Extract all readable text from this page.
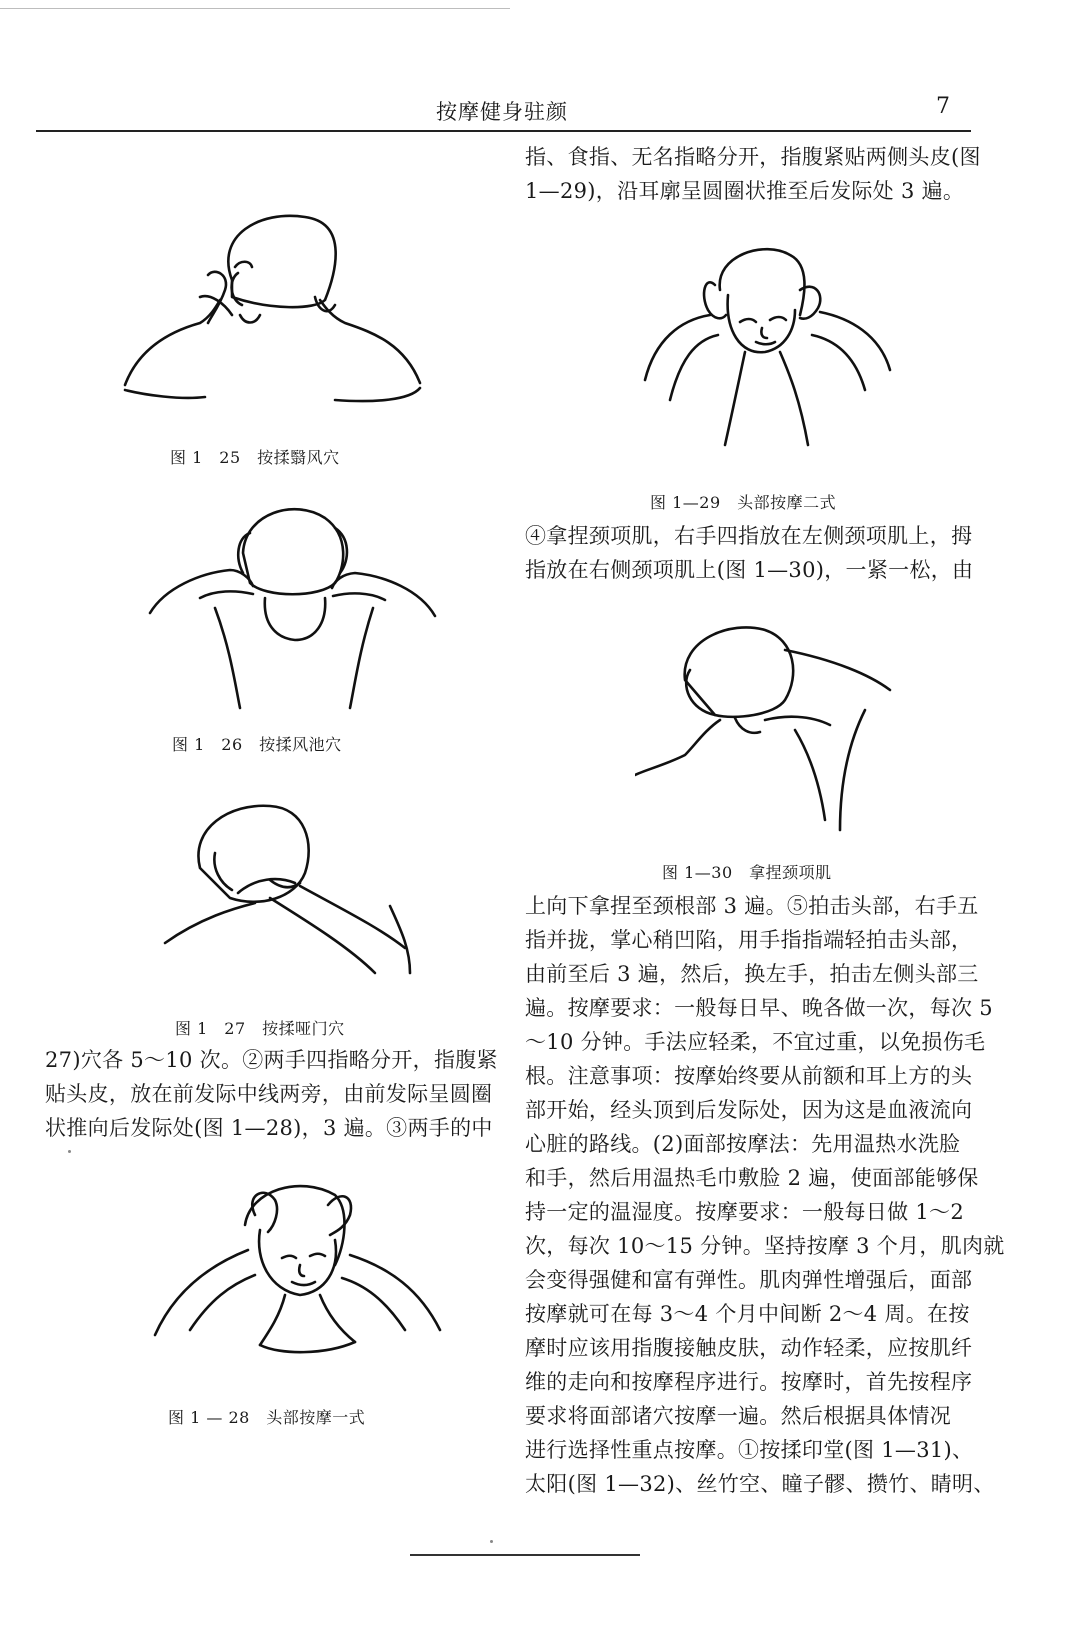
按摩健身驻颜	7
图 1　25　按揉翳风穴
图 1　26　按揉风池穴
图 1　27　按揉哑门穴
27)穴各 5～10 次。②两手四指略分开，指腹紧
贴头皮，放在前发际中线两旁，由前发际呈圆圈
状推向后发际处(图 1—28)，3 遍。③两手的中
图 1 — 28　头部按摩一式
指、食指、无名指略分开，指腹紧贴两侧头皮(图
1—29)，沿耳廓呈圆圈状推至后发际处 3 遍。
图 1—29　头部按摩二式
④拿捏颈项肌，右手四指放在左侧颈项肌上，拇
指放在右侧颈项肌上(图 1—30)，一紧一松，由
图 1—30　拿捏颈项肌
上向下拿捏至颈根部 3 遍。⑤拍击头部，右手五
指并拢，掌心稍凹陷，用手指指端轻拍击头部，
由前至后 3 遍，然后，换左手，拍击左侧头部三
遍。按摩要求：一般每日早、晚各做一次，每次 5
～10 分钟。手法应轻柔，不宜过重，以免损伤毛
根。注意事项：按摩始终要从前额和耳上方的头
部开始，经头顶到后发际处，因为这是血液流向
心脏的路线。(2)面部按摩法：先用温热水洗脸
和手，然后用温热毛巾敷脸 2 遍，使面部能够保
持一定的温湿度。按摩要求：一般每日做 1～2
次，每次 10～15 分钟。坚持按摩 3 个月，肌肉就
会变得强健和富有弹性。肌肉弹性增强后，面部
按摩就可在每 3～4 个月中间断 2～4 周。在按
摩时应该用指腹接触皮肤，动作轻柔，应按肌纤
维的走向和按摩程序进行。按摩时，首先按程序
要求将面部诸穴按摩一遍。然后根据具体情况
进行选择性重点按摩。①按揉印堂(图 1—31)、
太阳(图 1—32)、丝竹空、瞳子髎、攒竹、睛明、
